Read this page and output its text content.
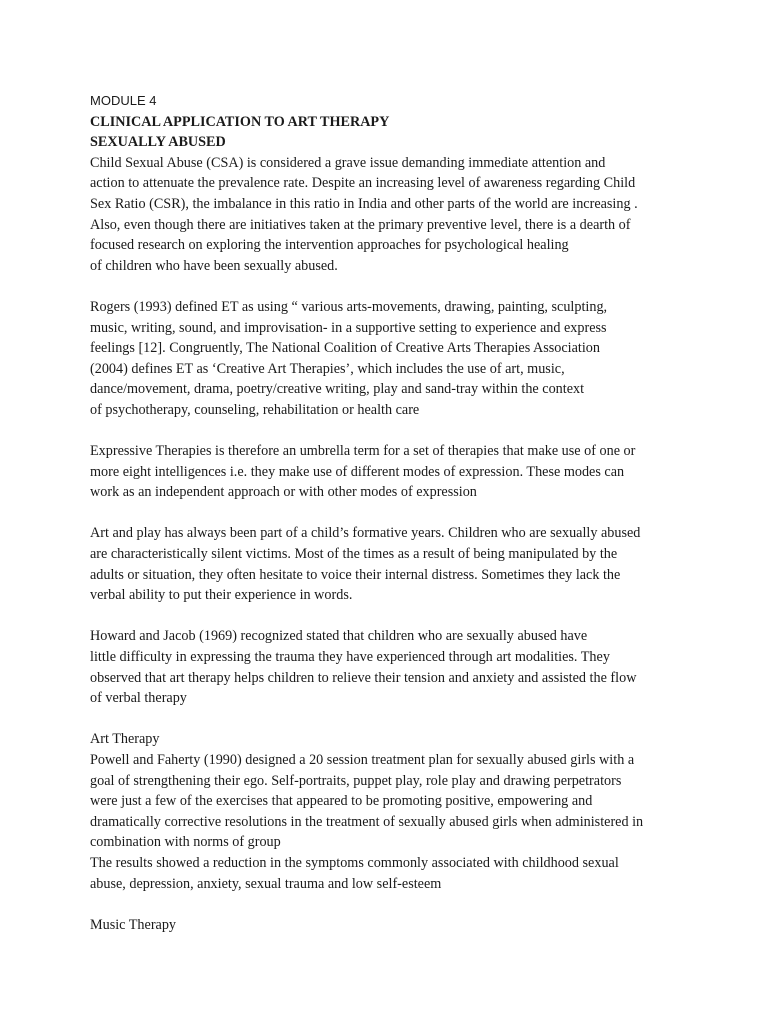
MODULE 4
CLINICAL APPLICATION TO ART THERAPY
SEXUALLY ABUSED
Child Sexual Abuse (CSA) is considered a grave issue demanding immediate attention and
action to attenuate the prevalence rate. Despite an increasing level of awareness regarding Child
Sex Ratio (CSR), the imbalance in this ratio in India and other parts of the world are increasing .
Also, even though there are initiatives taken at the primary preventive level, there is a dearth of
focused research on exploring the intervention approaches for psychological healing
of children who have been sexually abused.
Rogers (1993) defined ET as using “ various arts-movements, drawing, painting, sculpting,
music, writing, sound, and improvisation- in a supportive setting to experience and express
feelings [12]. Congruently, The National Coalition of Creative Arts Therapies Association
(2004) defines ET as ‘Creative Art Therapies’, which includes the use of art, music,
dance/movement, drama, poetry/creative writing, play and sand-tray within the context
of psychotherapy, counseling, rehabilitation or health care
Expressive Therapies is therefore an umbrella term for a set of therapies that make use of one or
more eight intelligences i.e. they make use of different modes of expression. These modes can
work as an independent approach or with other modes of expression
Art and play has always been part of a child’s formative years. Children who are sexually abused
are characteristically silent victims. Most of the times as a result of being manipulated by the
adults or situation, they often hesitate to voice their internal distress. Sometimes they lack the
verbal ability to put their experience in words.
Howard and Jacob (1969) recognized stated that children who are sexually abused have
little difficulty in expressing the trauma they have experienced through art modalities. They
observed that art therapy helps children to relieve their tension and anxiety and assisted the flow
of verbal therapy
Art Therapy
Powell and Faherty (1990) designed a 20 session treatment plan for sexually abused girls with a
goal of strengthening their ego. Self-portraits, puppet play, role play and drawing perpetrators
were just a few of the exercises that appeared to be promoting positive, empowering and
dramatically corrective resolutions in the treatment of sexually abused girls when administered in
combination with norms of group
The results showed a reduction in the symptoms commonly associated with childhood sexual
abuse, depression, anxiety, sexual trauma and low self-esteem
Music Therapy
